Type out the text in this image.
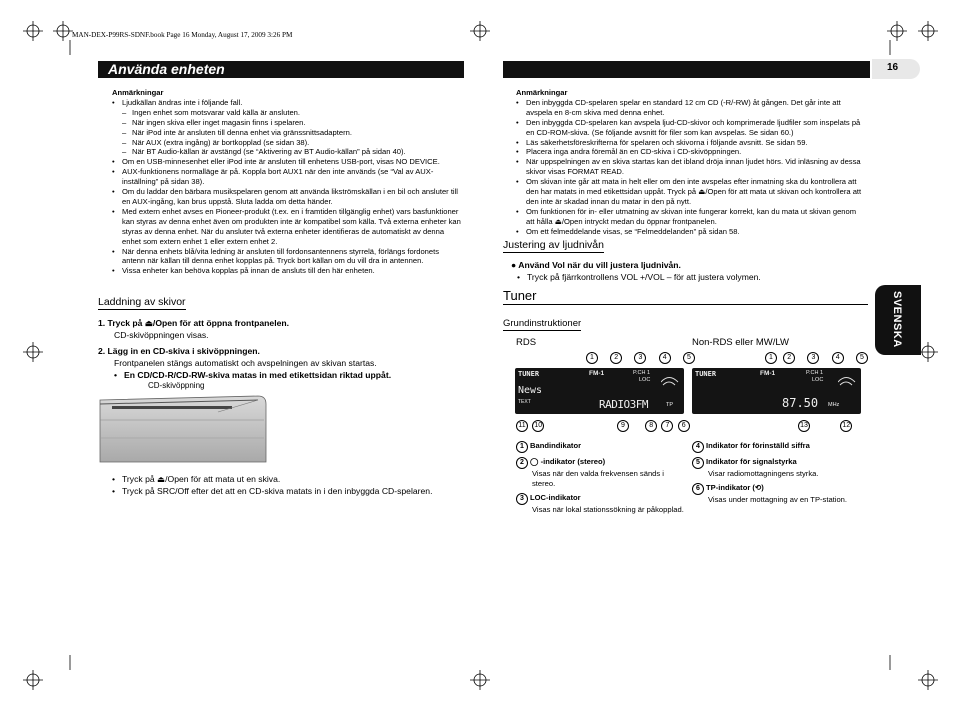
MAN-DEX-P99RS-SDNF.book Page 16 Monday, August 17, 2009 3:26 PM
Använda enheten	16

Anmärkningar

• Ljudkällan ändras inte i följande fall.

– Ingen enhet som motsvarar vald källa är ansluten.

– När ingen skiva eller inget magasin finns i spelaren.

– När iPod inte är ansluten till denna enhet via gränssnittsadaptern.

– När AUX (extra ingång) är bortkopplad (se sidan 38).

– När BT Audio-källan är avstängd (se “Aktivering av BT Audio-källan” på sidan 40).

• Om en USB-minnesenhet eller iPod inte är ansluten till enhetens USB-port, visas NO DEVICE.

• AUX-funktionens normalläge är på. Koppla bort AUX1 när den inte används (se “Val av AUX-inställning” på sidan 38).

• Om du laddar den bärbara musikspelaren genom att använda likströmskällan i en bil och ansluter till en AUX-ingång, kan brus uppstå. Sluta ladda om detta händer.

• Med extern enhet avses en Pioneer-produkt (t.ex. en i framtiden tillgänglig enhet) vars basfunktioner kan styras av denna enhet även om produkten inte är kompatibel som källa. Två externa enheter kan styras av denna enhet. När du ansluter två externa enheter identifieras de automatiskt av denna enhet som extern enhet 1 eller extern enhet 2.

• När denna enhets blå/vita ledning är ansluten till fordonsantennens styrrelä, förlängs fordonets antenn när källan till denna enhet kopplas på. Tryck bort källan om du vill dra in antennen.

• Vissa enheter kan behöva kopplas på innan de ansluts till den här enheten.

Laddning av skivor

1. Tryck på ⏏/Open för att öppna frontpanelen.

CD-skivöppningen visas.

2. Lägg in en CD-skiva i skivöppningen.

Frontpanelen stängs automatiskt och avspelningen av skivan startas.

• En CD/CD-R/CD-RW-skiva matas in med etikettsidan riktad uppåt.

CD-skivöppning

• Tryck på ⏏/Open för att mata ut en skiva.

• Tryck på SRC/Off efter det att en CD-skiva matats in i den inbyggda CD-spelaren.

Anmärkningar

• Den inbyggda CD-spelaren spelar en standard 12 cm CD (-R/-RW) åt gången. Det går inte att avspela en 8-cm skiva med denna enhet.

• Den inbyggda CD-spelaren kan avspela ljud-CD-skivor och komprimerade ljudfiler som inspelats på en CD-ROM-skiva. (Se följande avsnitt för filer som kan avspelas. Se sidan 60.)

• Läs säkerhetsföreskrifterna för spelaren och skivorna i följande avsnitt. Se sidan 59.

• Placera inga andra föremål än en CD-skiva i CD-skivöppningen.

• När uppspelningen av en skiva startas kan det ibland dröja innan ljudet hörs. Vid inläsning av dessa skivor visas FORMAT READ.

• Om skivan inte går att mata in helt eller om den inte avspelas efter inmatning ska du kontrollera att den har matats in med etikettsidan uppåt. Tryck på ⏏/Open för att mata ut skivan och kontrollera att den inte är skadad innan du matar in den på nytt.

• Om funktionen för in- eller utmatning av skivan inte fungerar korrekt, kan du mata ut skivan genom att hålla ⏏/Open intryckt medan du öppnar frontpanelen.

• Om ett felmeddelande visas, se “Felmeddelanden” på sidan 58.

Justering av ljudnivån

● Använd Vol när du vill justera ljudnivån.

• Tryck på fjärrkontrollens VOL +/VOL – för att justera volymen.

Tuner
Grundinstruktioner
RDS	Non-RDS eller MW/LW
1	2	3	4	5
TUNER	FM-1	P.CH 1
LOC
News
TEXT	RADIO3FM	TP
11 10	9	8 7 6
1 2	3	4	5
TUNER	FM-1	P.CH 1
LOC
87.50 MHz
13	12
1 Bandindikator
2 ◯ -indikator (stereo)
Visas när den valda frekvensen sänds i stereo.
3 LOC-indikator
Visas när lokal stationssökning är påkopplad.
4 Indikator för förinställd siffra
5 Indikator för signalstyrka
Visar radiomottagningens styrka.
6 TP-indikator (⟲)
Visas under mottagning av en TP-station.
SVENSKA
